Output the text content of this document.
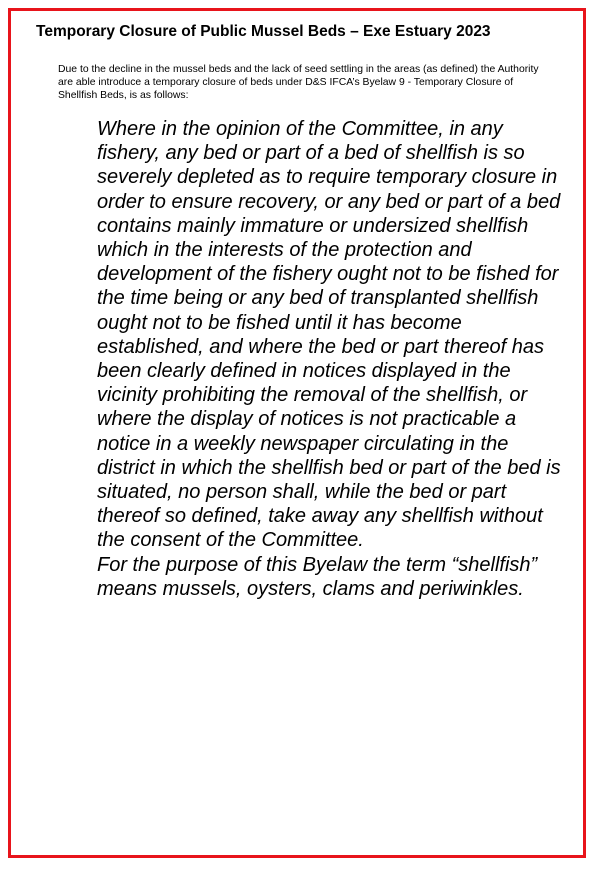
Temporary Closure of Public Mussel Beds – Exe Estuary 2023
Due to the decline in the mussel beds and the lack of seed settling in the areas (as defined) the Authority are able introduce a temporary closure of beds under D&S IFCA’s Byelaw 9 - Temporary Closure of Shellfish Beds, is as follows:

Where in the opinion of the Committee, in any fishery, any bed or part of a bed of shellfish is so severely depleted as to require temporary closure in order to ensure recovery, or any bed or part of a bed contains mainly immature or undersized shellfish which in the interests of the protection and development of the fishery ought not to be fished for the time being or any bed of transplanted shellfish ought not to be fished until it has become established, and where the bed or part thereof has been clearly defined in notices displayed in the vicinity prohibiting the removal of the shellfish, or where the display of notices is not practicable a notice in a weekly newspaper circulating in the district in which the shellfish bed or part of the bed is situated, no person shall, while the bed or part thereof so defined, take away any shellfish without the consent of the Committee.

For the purpose of this Byelaw the term “shellfish” means mussels, oysters, clams and periwinkles.
